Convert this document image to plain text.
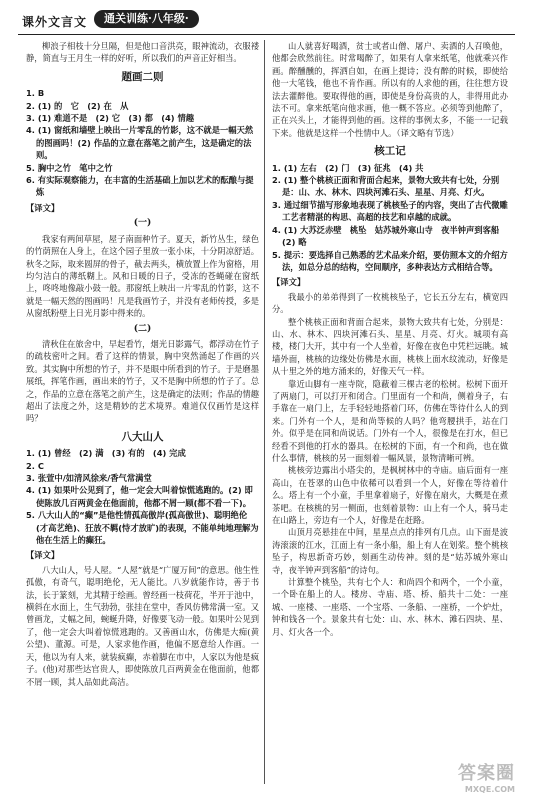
课外文言文	通关训练·八年级·

柳浪子相枝十分旦隔，但是他口音洪亮，眼神流动，衣服褛静，简直与王月生一样的好听，所以我们的声音正好相当。

题画二则

1. B

2. (1) 的　它　(2) 在　从

3. (1) 难道不是　(2) 它　(3) 都　(4) 情趣

4. (1) 窗纸和墙壁上映出一片零乱的竹影，这不就是一幅天然的图画吗！(2) 作品的立意在落笔之前产生，这是确定的法则。

5. 胸中之竹　笔中之竹

6. 有实际观察能力，在丰富的生活基础上加以艺术的酝酿与提炼

【译文】
(一)

我家有两间草屋，屋子南面种竹子。夏天，新竹丛生，绿色的竹荫照在人身上，在这个园子里放一张小床，十分阴凉舒适。秋冬之际，取来圆屏的骨子，截去两头，横放置上作为窗格，用均匀洁白的薄纸糊上。风和日暖的日子，受冻的苍蝇碰在窗纸上，咚咚地像敲小鼓一般。那窗纸上映出一片零乱的竹影，这不就是一幅天然的图画吗！凡是我画竹子，并没有老师传授，多是从窗纸粉壁上日光月影中得来的。

(二)

清秋住在旅舍中，早起看竹，烟光日影露气，都浮动在竹子的疏枝密叶之间。看了这样的情景，胸中突然涌起了作画的兴致。其实胸中所想的竹子，并不是眼中所看到的竹子。于是磨墨展纸，挥笔作画，画出来的竹子，又不是胸中所想的竹子了。总之，作品的立意在落笔之前产生，这是确定的法则；作品的情趣超出了法度之外，这是精妙的艺术境界。难道仅仅画竹是这样吗？

八大山人

1. (1) 曾经　(2) 满　(3) 有的　(4) 完成

2. C

3. 张萱中/如清风徐来/香气常满堂

4. (1) 如果叶公见到了，他一定会大叫着惊慌逃跑的。(2) 即使陈放几百两黄金在他面前，他都不屑一顾(都不看一下)。

5. 八大山人的“癫”是他性情孤高傲岸(孤高傲世)、聪明绝伦(才高艺绝)、狂放不羁(恃才放旷)的表现，不能单纯地理解为他在生活上的癫狂。

【译文】

八大山人，号人屋。“人屋”就是“广厦万间”的意思。他生性孤傲，有奇气，聪明绝伦，无人能比。八岁就能作诗，善于书法，长于篆刻，尤其精于绘画。曾经画一枝荷花，半开于池中，横斜在水面上，生气勃勃，张挂在堂中，香风仿佛常满一室。又曾画龙，丈幅之间，蜿蜒升降，好像要飞动一般。如果叶公见到了，他一定会大叫着惊慌逃跑的。又善画山水，仿佛是大痴(黄公望)、董源。可是，人家求他作画，他偏不愿意给人作画。一天，他以为有人来，就装疯癫，赤着脚在市中，人家以为他是疯子。(他)对那些达官贵人，即使陈放几百两黄金在他面前，他都不屑一顾，其人品如此高洁。

山人就喜好喝酒，贫士或者山僧、屠户、卖酒的人召唤他，他都会欣然前往。时常喝醉了，如果有人拿来纸笔，他就乘兴作画。醉醺醺的，挥洒自如，在画上提诗；没有醉的时候，即使给他一大笔钱，他也不肯作画。所以有的人求他的画，往往想方设法去灌醉他。要取得他的画，即使是身份高贵的人，非得用此办法不可。拿来纸笔向他求画，他一概不答应。必须等到他醉了，正在兴头上，才能得到他的画。这样的事例太多，不能一一记载下来。他就是这样一个性情中人。（译文略有节选）

核工记

1. (1) 左右　(2) 门　(3) 征兆　(4) 共

2. (1) 整个桃核正面和背面合起来，景物大致共有七处，分别是：山、水、林木、四块河滩石头、星星、月亮、灯火。

3. 通过细节描写形象地表现了桃核坠子的内容，突出了古代微雕工艺者精湛的构思、高超的技艺和卓越的成就。

4. (1) 大苏泛赤壁　桃坠　姑苏城外寒山寺　夜半钟声到客船　(2) 略

5. 提示：要选择自己熟悉的艺术品来介绍，要仿照本文的介绍方法，如总分总的结构，空间顺序，多种表达方式相结合等。

【译文】

我最小的弟弟得到了一枚桃核坠子，它长五分左右，横宽四分。

整个桃核正面和背面合起来，景物大致共有七处，分别是：山、水、林木、四块河滩石头、星星、月亮、灯火。城项有高楼，楼门大开，其中有一个人坐着，好像在夜色中凭栏远眺。城墙外面，桃核的边缘处仿佛是水面，桃核上面水纹流动，好像是从十里之外的地方涌来的，好像天气一样。

靠近山脚有一座寺院，隐蔽着三棵古老的松树。松树下面开了两扇门，可以打开和闭合。门里面有一个和尚，侧着身子，右手靠在一扇门上，左手轻轻地搭着门环，仿佛在等待什么人的到来。门外有一个人，是和尚等候的人吗？他弯腰拱手，站在门外。似乎是在同和尚说话。门外有一个人，很像是在打水，但已经看不到他的打水的器具。在松树的下面，有一个和尚，也在做什么事情，桃核的另一面刻着一幅风景，景物清晰可辨。

桃核旁边露出小塔尖的，是枫树林中的寺庙。庙后面有一座高山，在苍翠的山色中依稀可以看到一个人，好像在等待着什么。塔上有一个小童，手里拿着扇子，好像在扇火，大概是在煮茶吧。在核桃的另一侧面，也刻着景物：山上有一个人，骑马走在山路上，旁边有一个人，好像是在赶路。

山顶月亮悬挂在中间，星星点点的排列有几点。山下面是波涛滚滚的江水，江面上有一条小船，船上有人在划桨。整个桃核坠子，构思新奇巧妙，刻画生动传神。刻的是“姑苏城外寒山寺，夜半钟声到客船”的诗句。

计算整个桃坠，共有七个人：和尚四个和两个，一个小童，一个卧在船上的人。楼房、寺庙、塔、桥、船共十二处：一座城、一座楼、一座塔、一个宝塔、一条船、一座桥，一个炉灶，钟和钱各一个。景象共有七处：山、水、林木、滩石四块、星、月、灯火各一个。

答案圈
MXQE.COM
